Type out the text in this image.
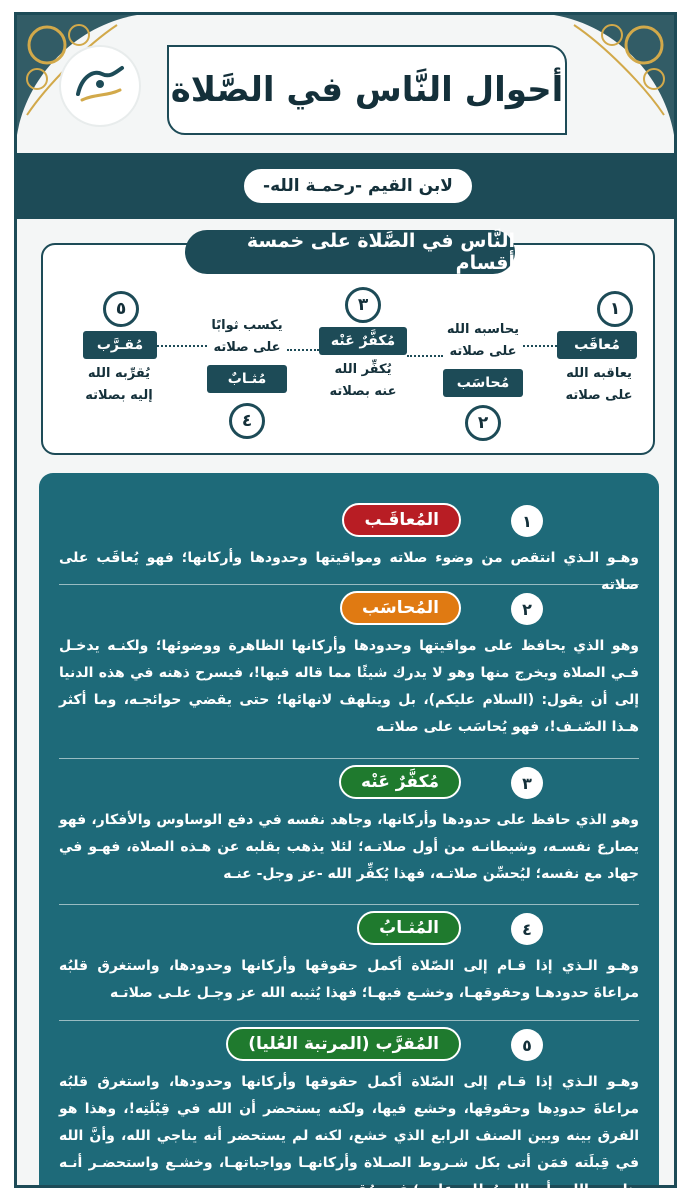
أحوال النَّاس في الصَّلاة
لابن القيم -رحمـة الله-
١
مُعاقَب
يعاقبه الله
على صلاته
يحاسبه الله
على صلاته
مُحاسَب
٢
٣
مُكفَّرٌ عَنْه
يُكفِّر الله
عنه بصلاته
يكسب ثوابًا
على صلاته
مُثـابٌ
٤
٥
مُقـرَّب
يُقرِّبه الله
إليه بصلاته
النَّاس في الصَّلاة على خمسة أقسام
١
المُعاقَـب
وهـو الـذي انتقص من وضوء صلاته ومواقيتها وحدودها وأركانها؛ فهو يُعاقَب على صلاته
٢
المُحاسَب
وهو الذي يحافظ على مواقيتها وحدودها وأركانها الظاهرة ووضوئها؛ ولكنـه يدخـل فـي الصلاة ويخرج منها وهو لا يدرك شيئًا مما قاله فيها!، فيسرح ذهنه في هذه الدنيا إلى أن يقول: (السلام عليكم)، بل ويتلهف لانهائها؛ حتى يقضي حوائجـه، وما أكثر هـذا الصّنـف!، فهو يُحاسَب على صلاتـه
٣
مُكفَّرٌ عَنْه
وهو الذي حافظ على حدودها وأركانها، وجاهد نفسه في دفع الوساوس والأفكار، فهو يصارع نفسـه، وشيطانـه من أول صلاتـه؛ لئلا يذهب بقلبه عن هـذه الصلاة، فهـو في جهاد مع نفسه؛ ليُحسِّن صلاتـه، فهذا يُكفِّر الله -عز وجل- عنـه
٤
المُثـابُ
وهـو الـذي إذا قـام إلى الصّلاة أكمل حقوقها وأركانها وحدودها، واستغرق قلبُه مراعاةَ حدودهـا وحقوقهـا، وخشـع فيهـا؛ فهذا يُثيبه الله عز وجـل علـى صلاتـه
٥
المُقرَّب (المرتبة العُليا)
وهـو الـذي إذا قـام إلى الصّلاة أكمل حقوقها وأركانها وحدودها، واستغرق قلبُه مراعاةَ حدودِها وحقوقِها، وخشع فيها، ولكنه يستحضر أن الله في قِبْلَتِه!، وهذا هو الفرق بينه وبين الصنف الرابع الذي خشع، لكنه لم يستحضر أنه يناجي الله، وأنَّ الله في قِبلَته فمَن أتى بكل شـروط الصـلاة وأركانهـا وواجباتهـا، وخشـع واستحضـر أنـه يناجـي الله وأن الله مُطلـع عليـه؛ فهو مُقـرب
